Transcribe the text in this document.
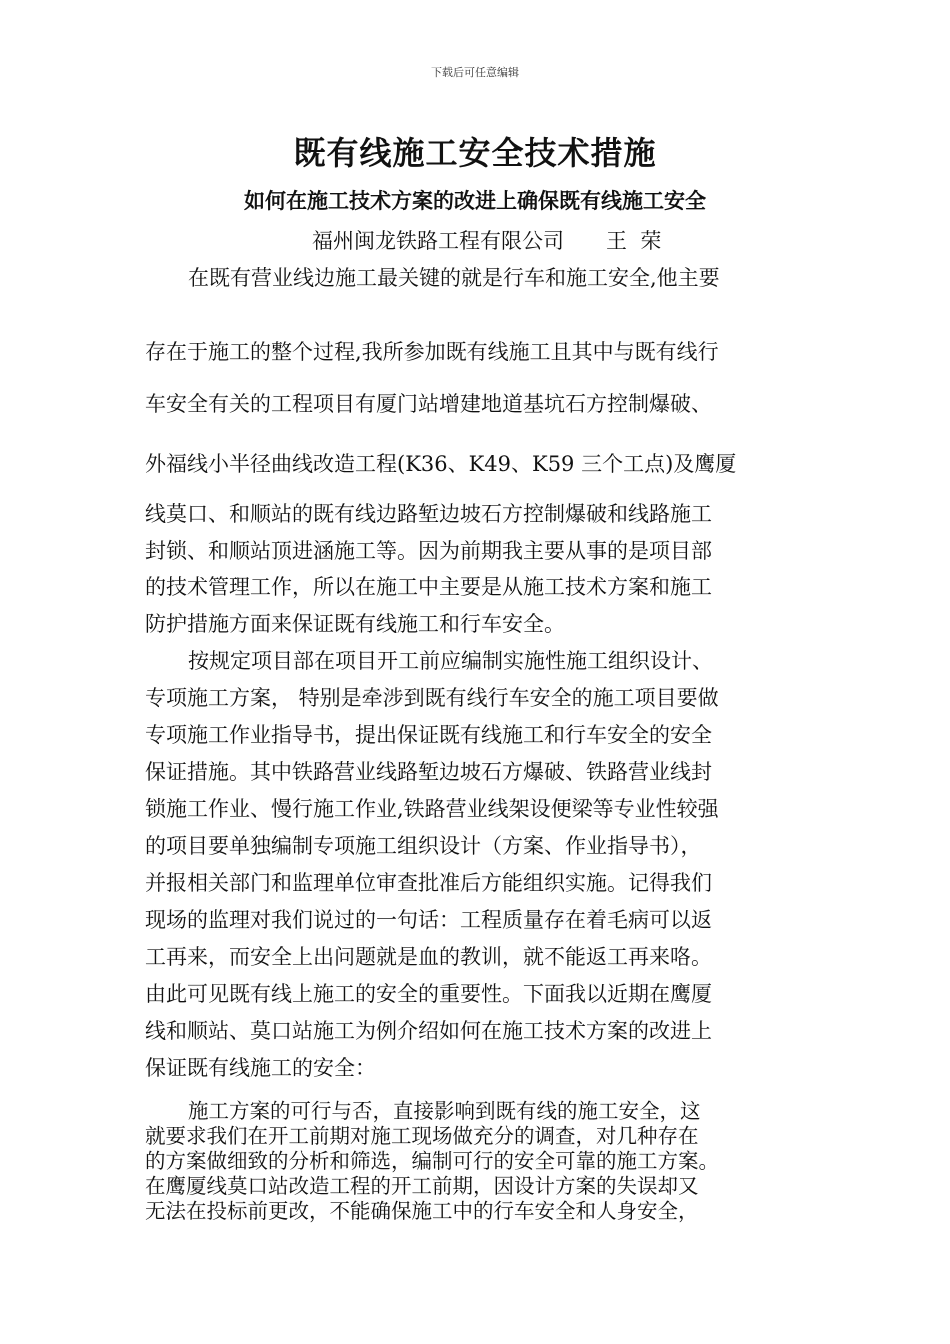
下载后可任意编辑
既有线施工安全技术措施
如何在施工技术方案的改进上确保既有线施工安全
福州闽龙铁路工程有限公司　　王  荣
在既有营业线边施工最关键的就是行车和施工安全,他主要
存在于施工的整个过程,我所参加既有线施工且其中与既有线行
车安全有关的工程项目有厦门站增建地道基坑石方控制爆破、
外福线小半径曲线改造工程(K36、K49、K59 三个工点)及鹰厦
线莫口、和顺站的既有线边路堑边坡石方控制爆破和线路施工
封锁、和顺站顶进涵施工等。因为前期我主要从事的是项目部
的技术管理工作，所以在施工中主要是从施工技术方案和施工
防护措施方面来保证既有线施工和行车安全。
按规定项目部在项目开工前应编制实施性施工组织设计、
专项施工方案， 特别是牵涉到既有线行车安全的施工项目要做
专项施工作业指导书，提出保证既有线施工和行车安全的安全
保证措施。其中铁路营业线路堑边坡石方爆破、铁路营业线封
锁施工作业、慢行施工作业,铁路营业线架设便梁等专业性较强
的项目要单独编制专项施工组织设计（方案、作业指导书），
并报相关部门和监理单位审查批准后方能组织实施。记得我们
现场的监理对我们说过的一句话：工程质量存在着毛病可以返
工再来，而安全上出问题就是血的教训，就不能返工再来咯。
由此可见既有线上施工的安全的重要性。下面我以近期在鹰厦
线和顺站、莫口站施工为例介绍如何在施工技术方案的改进上
保证既有线施工的安全：
施工方案的可行与否，直接影响到既有线的施工安全，这
就要求我们在开工前期对施工现场做充分的调查，对几种存在
的方案做细致的分析和筛选，编制可行的安全可靠的施工方案。
在鹰厦线莫口站改造工程的开工前期，因设计方案的失误却又
无法在投标前更改，不能确保施工中的行车安全和人身安全，
